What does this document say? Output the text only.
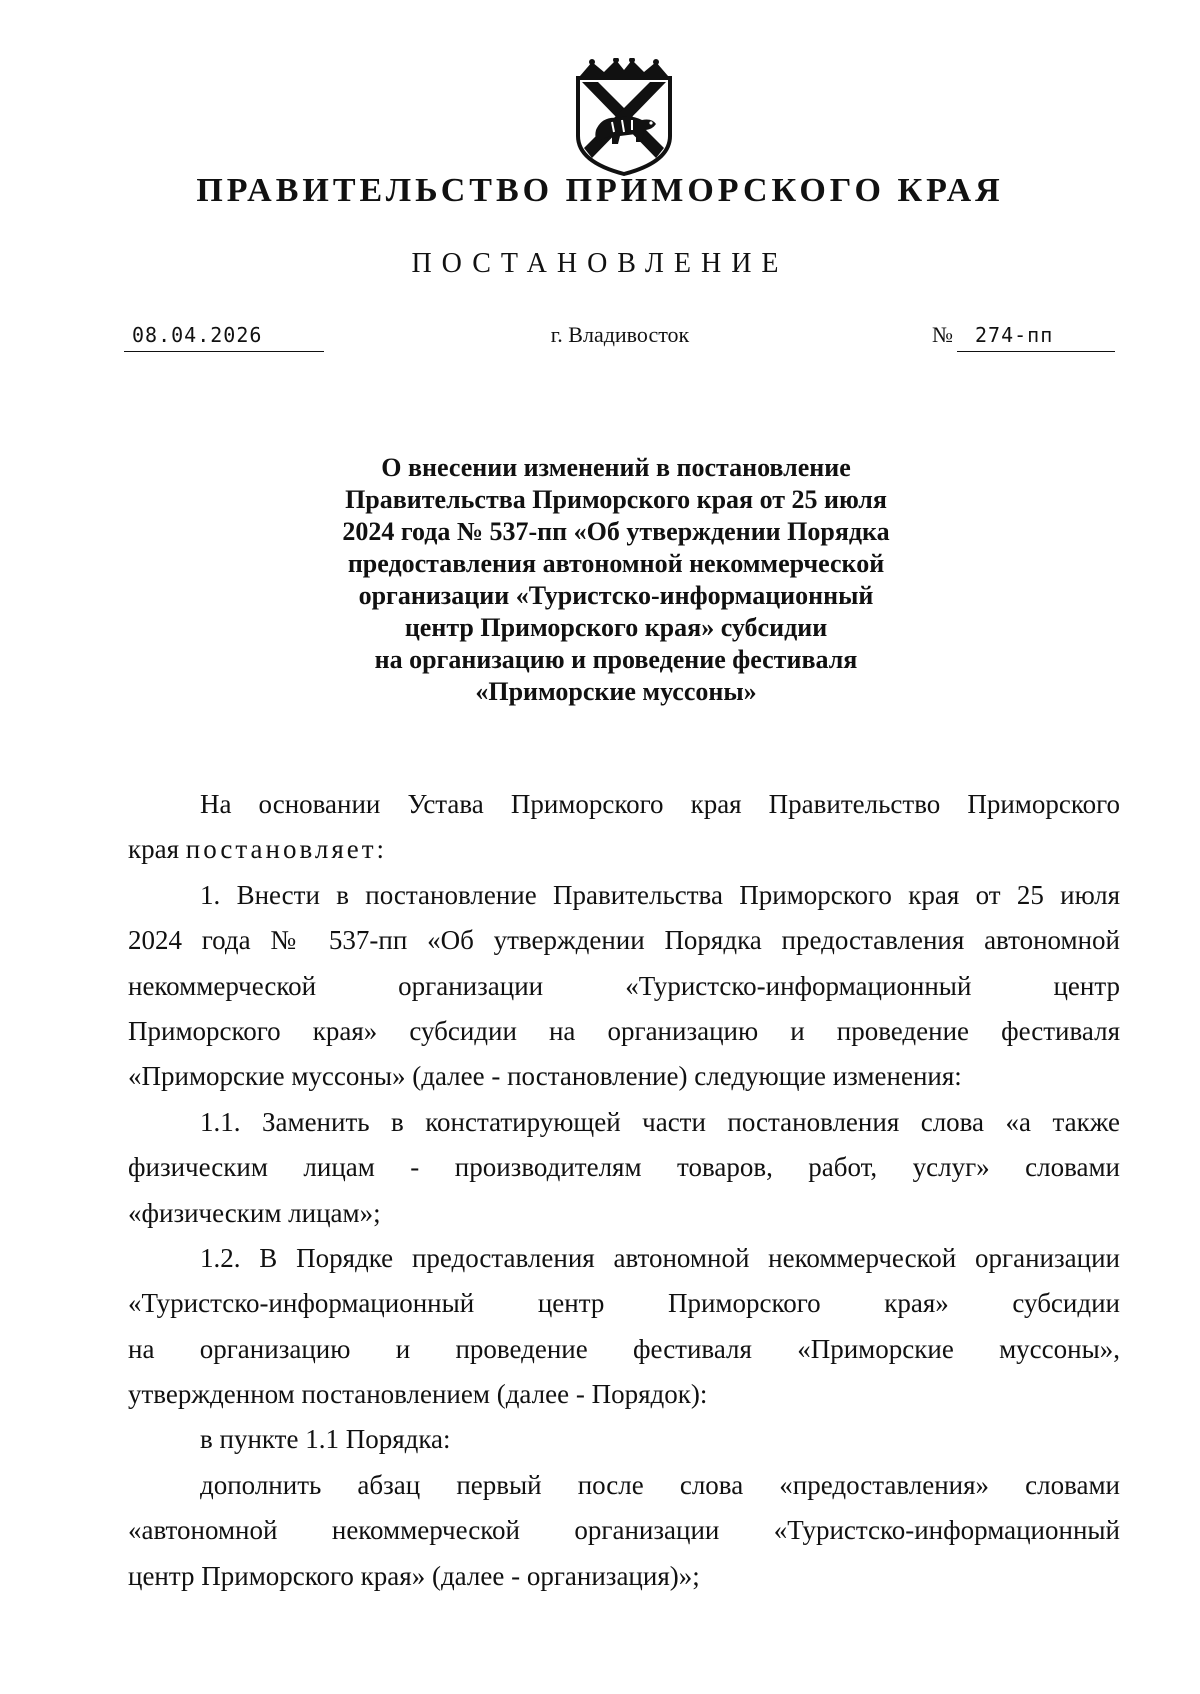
ПРАВИТЕЛЬСТВО ПРИМОРСКОГО КРАЯ
ПОСТАНОВЛЕНИЕ
08.04.2026	г. Владивосток	№ 274-пп
О внесении изменений в постановление
Правительства Приморского края от 25 июля
2024 года № 537-пп «Об утверждении Порядка
предоставления автономной некоммерческой
организации «Туристско-информационный
центр Приморского края» субсидии
на организацию и проведение фестиваля
«Приморские муссоны»
На основании Устава Приморского края Правительство Приморского
края постановляет:
1. Внести в постановление Правительства Приморского края от 25 июля
2024 года № 537-пп «Об утверждении Порядка предоставления автономной
некоммерческой организации «Туристско-информационный центр
Приморского края» субсидии на организацию и проведение фестиваля
«Приморские муссоны» (далее - постановление) следующие изменения:
1.1. Заменить в констатирующей части постановления слова «а также
физическим лицам - производителям товаров, работ, услуг» словами
«физическим лицам»;
1.2. В Порядке предоставления автономной некоммерческой организации
«Туристско-информационный центр Приморского края» субсидии
на организацию и проведение фестиваля «Приморские муссоны»,
утвержденном постановлением (далее - Порядок):
в пункте 1.1 Порядка:
дополнить абзац первый после слова «предоставления» словами
«автономной некоммерческой организации «Туристско-информационный
центр Приморского края» (далее - организация)»;
